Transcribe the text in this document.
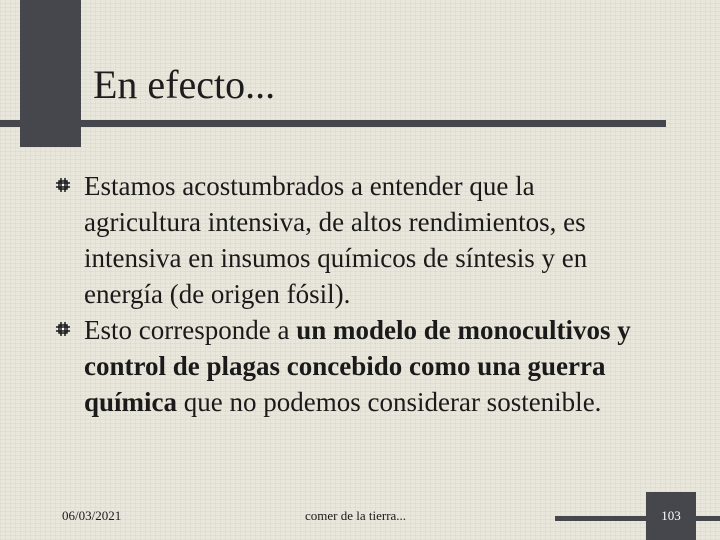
En efecto...
Estamos acostumbrados a entender que la agricultura intensiva, de altos rendimientos, es intensiva en insumos químicos de síntesis y en energía (de origen fósil).
Esto corresponde a un modelo de monocultivos y control de plagas concebido como una guerra química que no podemos considerar sostenible.
06/03/2021	comer de la tierra...	103
